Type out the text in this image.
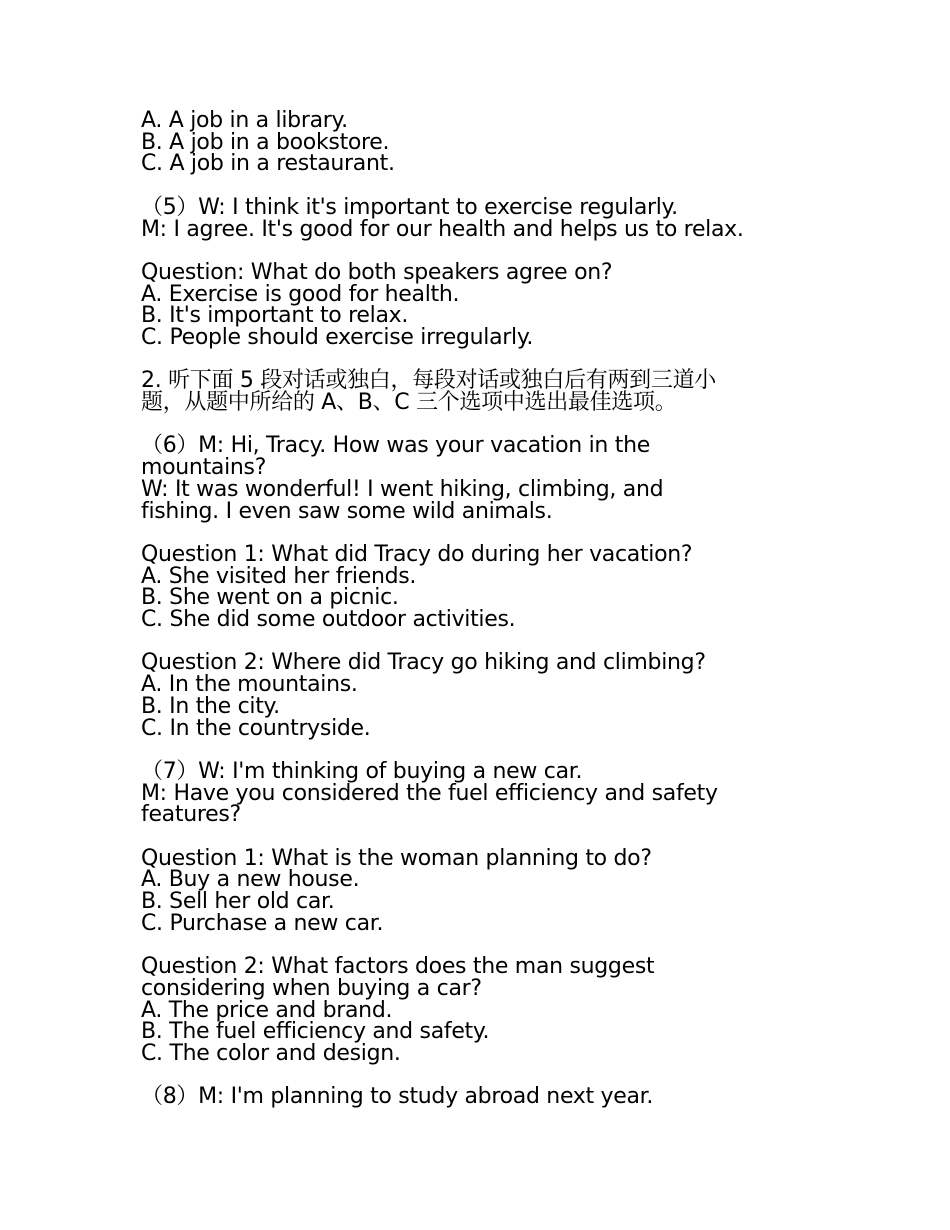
A. A job in a library.
B. A job in a bookstore.
C. A job in a restaurant.
（5）W: I think it's important to exercise regularly.
M: I agree. It's good for our health and helps us to relax.
Question: What do both speakers agree on?
A. Exercise is good for health.
B. It's important to relax.
C. People should exercise irregularly.
2. 听下面 5 段对话或独白，每段对话或独白后有两到三道小
题，从题中所给的 A、B、C 三个选项中选出最佳选项。
（6）M: Hi, Tracy. How was your vacation in the
mountains?
W: It was wonderful! I went hiking, climbing, and
fishing. I even saw some wild animals.
Question 1: What did Tracy do during her vacation?
A. She visited her friends.
B. She went on a picnic.
C. She did some outdoor activities.
Question 2: Where did Tracy go hiking and climbing?
A. In the mountains.
B. In the city.
C. In the countryside.
（7）W: I'm thinking of buying a new car.
M: Have you considered the fuel efficiency and safety
features?
Question 1: What is the woman planning to do?
A. Buy a new house.
B. Sell her old car.
C. Purchase a new car.
Question 2: What factors does the man suggest
considering when buying a car?
A. The price and brand.
B. The fuel efficiency and safety.
C. The color and design.
（8）M: I'm planning to study abroad next year.
